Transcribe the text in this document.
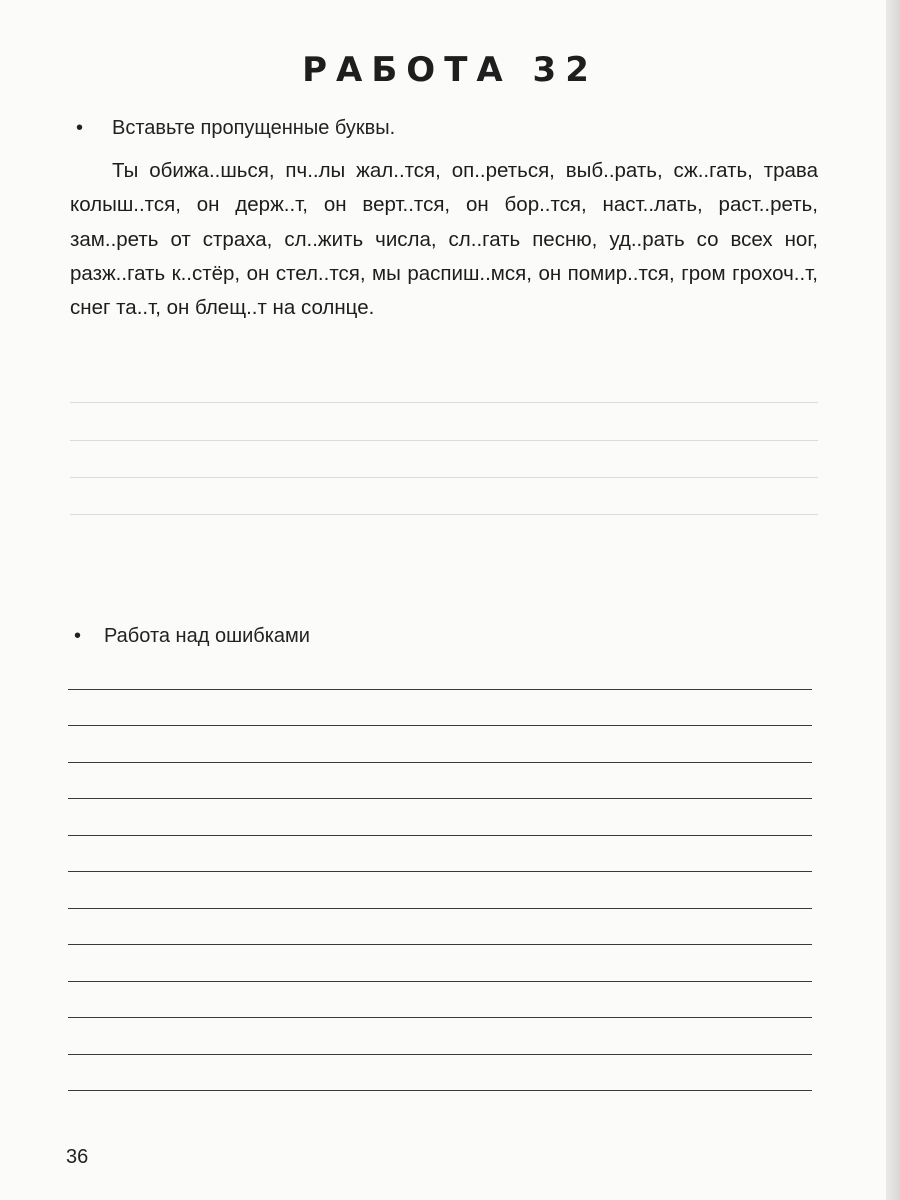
РАБОТА 32
• Вставьте пропущенные буквы.

Ты обижа..шься, пч..лы жал..тся, оп..реться, выб..рать, сж..гать, трава колыш..тся, он держ..т, он верт..тся, он бор..тся, наст..лать, раст..реть, зам..реть от страха, сл..жить числа, сл..гать песню, уд..рать со всех ног, разж..гать к..стёр, он стел..тся, мы распиш..мся, он помир..тся, гром грохоч..т, снег та..т, он блещ..т на солнце.

• Работа над ошибками
36
